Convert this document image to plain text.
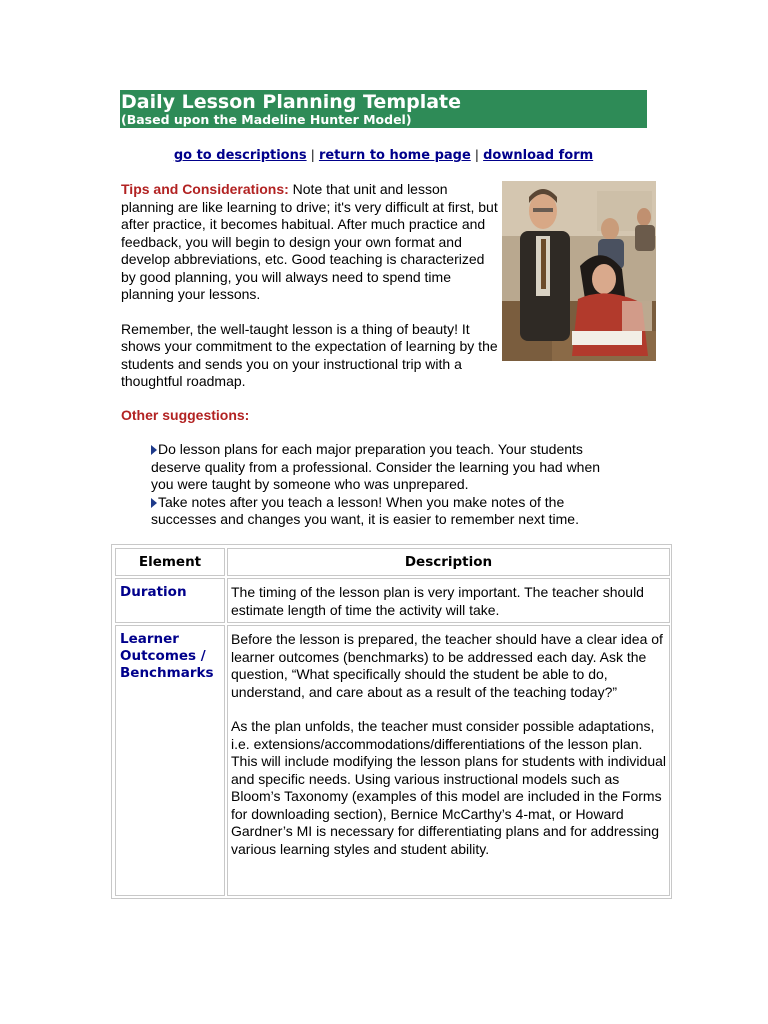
Daily Lesson Planning Template
(Based upon the Madeline Hunter Model)
go to descriptions | return to home page | download form

Tips and Considerations: Note that unit and lesson planning are like learning to drive; it's very difficult at first, but after practice, it becomes habitual. After much practice and feedback, you will begin to design your own format and develop abbreviations, etc. Good teaching is characterized by good planning, you will always need to spend time planning your lessons.

Remember, the well-taught lesson is a thing of beauty! It shows your commitment to the expectation of learning by the students and sends you on your instructional trip with a thoughtful roadmap.

Other suggestions:

Do lesson plans for each major preparation you teach. Your students deserve quality from a professional. Consider the learning you had when you were taught by someone who was unprepared.

Take notes after you teach a lesson! When you make notes of the successes and changes you want, it is easier to remember next time.

Element	Description
Duration	The timing of the lesson plan is very important. The teacher should estimate length of time the activity will take.

Learner Outcomes / Benchmarks

Before the lesson is prepared, the teacher should have a clear idea of learner outcomes (benchmarks) to be addressed each day. Ask the question, “What specifically should the student be able to do, understand, and care about as a result of the teaching today?”

As the plan unfolds, the teacher must consider possible adaptations, i.e. extensions/accommodations/differentiations of the lesson plan. This will include modifying the lesson plans for students with individual and specific needs. Using various instructional models such as Bloom’s Taxonomy (examples of this model are included in the Forms for downloading section), Bernice McCarthy’s 4-mat, or Howard Gardner’s MI is necessary for differentiating plans and for addressing various learning styles and student ability.
